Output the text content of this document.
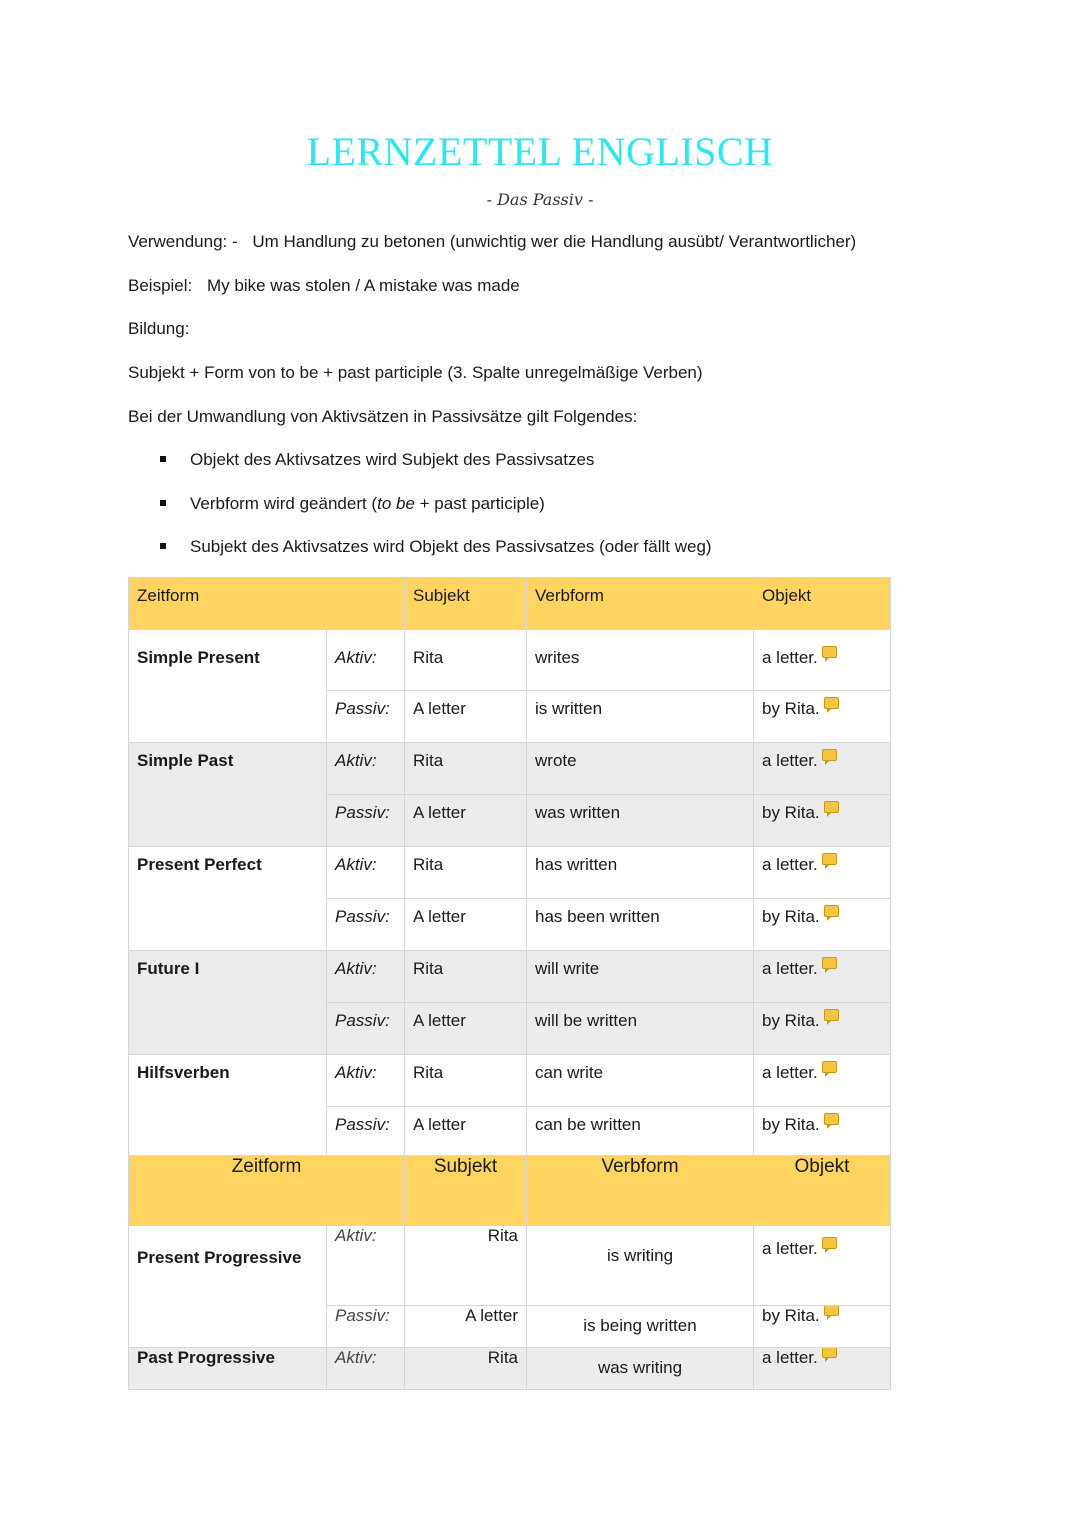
LERNZETTEL ENGLISCH
- Das Passiv -
Verwendung: - Um Handlung zu betonen (unwichtig wer die Handlung ausübt/ Verantwortlicher)
Beispiel: My bike was stolen / A mistake was made
Bildung:
Subjekt + Form von to be + past participle (3. Spalte unregelmäßige Verben)
Bei der Umwandlung von Aktivsätzen in Passivsätze gilt Folgendes:
Objekt des Aktivsatzes wird Subjekt des Passivsatzes
Verbform wird geändert (to be + past participle)
Subjekt des Aktivsatzes wird Objekt des Passivsatzes (oder fällt weg)
Zeitform		Subjekt	Verbform	Objekt
Simple Present	Aktiv:	Rita	writes	a letter.
	Passiv:	A letter	is written	by Rita.
Simple Past	Aktiv:	Rita	wrote	a letter.
	Passiv:	A letter	was written	by Rita.
Present Perfect	Aktiv:	Rita	has written	a letter.
	Passiv:	A letter	has been written	by Rita.
Future I	Aktiv:	Rita	will write	a letter.
	Passiv:	A letter	will be written	by Rita.
Hilfsverben	Aktiv:	Rita	can write	a letter.
	Passiv:	A letter	can be written	by Rita.
Zeitform		Subjekt	Verbform	Objekt
Present Progressive	Aktiv:	Rita	is writing	a letter.
	Passiv:	A letter	is being written	by Rita.
Past Progressive	Aktiv:	Rita	was writing	a letter.
